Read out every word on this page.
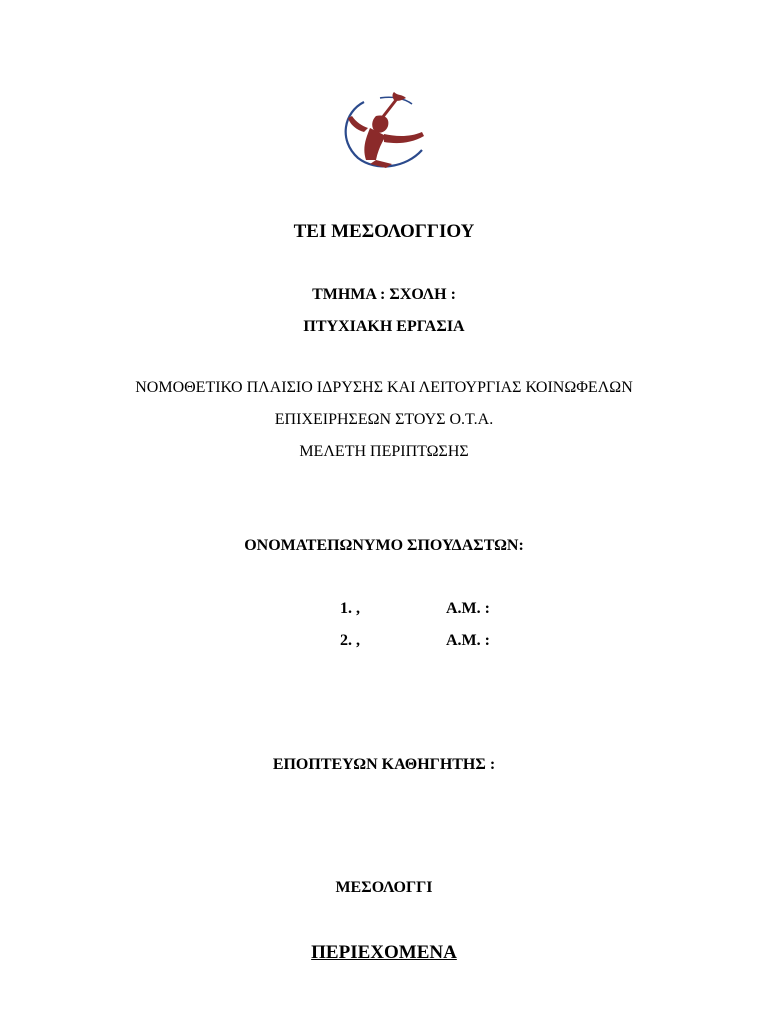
ΤΕΙ ΜΕΣΟΛΟΓΓΙΟΥ
ΤΜΗΜΑ : ΣΧΟΛΗ :
ΠΤΥΧΙΑΚΗ ΕΡΓΑΣΙΑ
ΝΟΜΟΘΕΤΙΚΟ ΠΛΑΙΣΙΟ ΙΔΡΥΣΗΣ ΚΑΙ ΛΕΙΤΟΥΡΓΙΑΣ ΚΟΙΝΩΦΕΛΩΝ
ΕΠΙΧΕΙΡΗΣΕΩΝ ΣΤΟΥΣ Ο.Τ.Α.
ΜΕΛΕΤΗ ΠΕΡΙΠΤΩΣΗΣ
ΟΝΟΜΑΤΕΠΩΝΥΜΟ ΣΠΟΥΔΑΣΤΩΝ:
1. ,	Α.Μ. :
2. ,	Α.Μ. :
ΕΠΟΠΤΕΥΩΝ ΚΑΘΗΓΗΤΗΣ :
ΜΕΣΟΛΟΓΓΙ
ΠΕΡΙΕΧΟΜΕΝΑ
